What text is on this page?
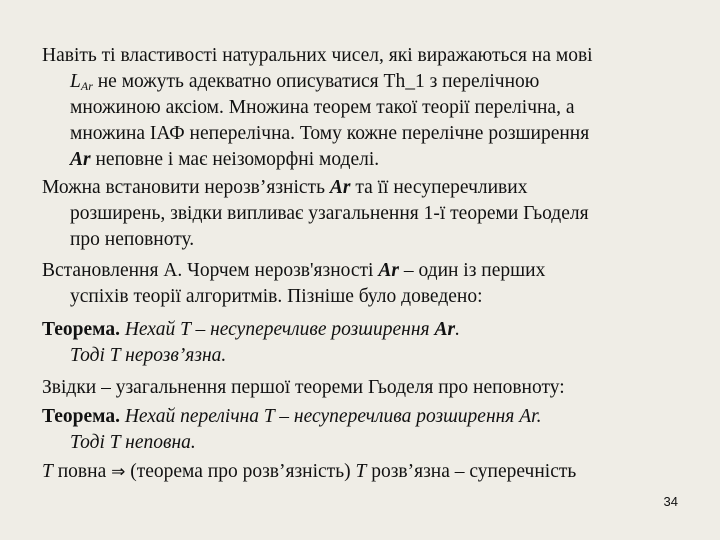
Навіть ті властивості натуральних чисел, які виражаються на мові
$L_{Ar}$ не можуть адекватно описуватися Th_1 з перелічною
множиною аксіом. Множина теорем такої теорії перелічна, а
множина ІАФ неперелічна. Тому кожне перелічне розширення
Ar неповне і має неізоморфні моделі.
Можна встановити нерозв’язність Ar та її несуперечливих
розширень, звідки випливає узагальнення 1-ї теореми Гьоделя
про неповноту.
Встановлення А. Чорчем нерозв'язності Ar – один із перших
успіхів теорії алгоритмів. Пізніше було доведено:
Теорема. Нехай T – несуперечливе розширення Ar.
Тоді T нерозв’язна.
Звідки – узагальнення першої теореми Гьоделя про неповноту:
Теорема. Нехай перелічна T – несуперечлива розширення Ar.
Тоді T неповна.
T повна ⇒ (теорема про розв’язність) T розв’язна – суперечність
34
